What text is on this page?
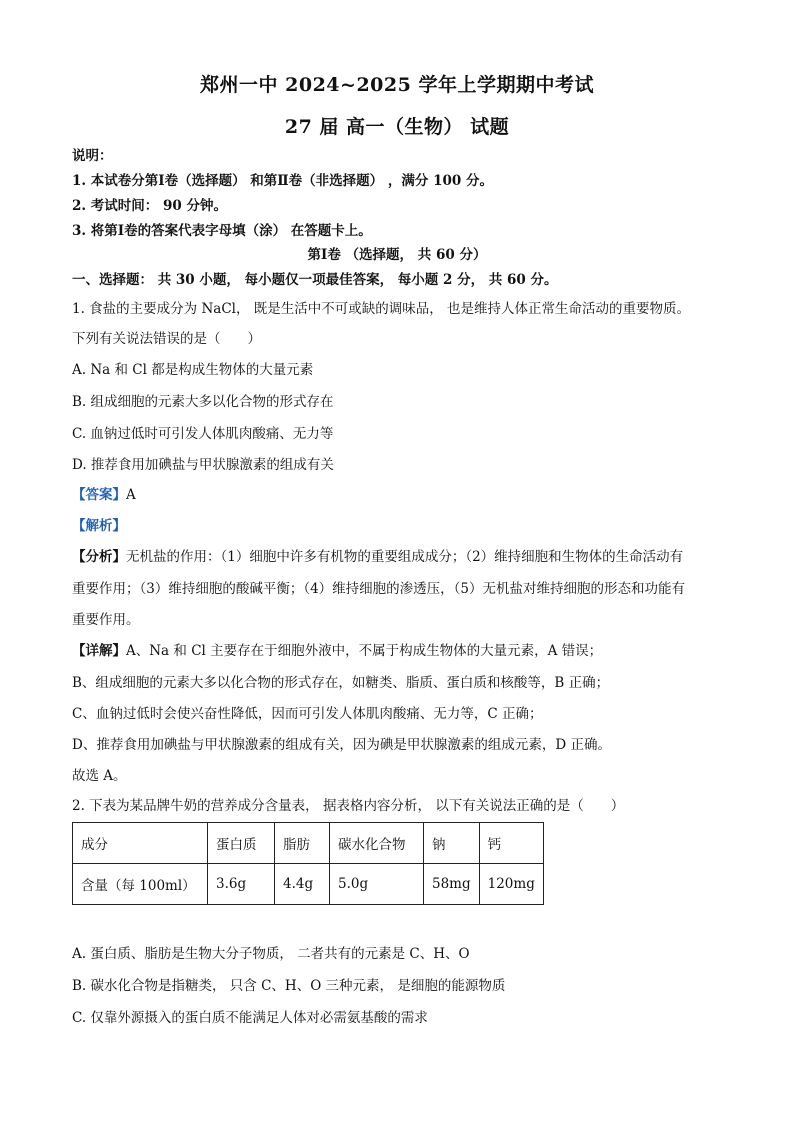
郑州一中 2024~2025 学年上学期期中考试
27 届 高一（生物） 试题
说明：
1. 本试卷分第Ⅰ卷（选择题） 和第Ⅱ卷（非选择题） ，满分 100 分。
2. 考试时间： 90 分钟。
3. 将第Ⅰ卷的答案代表字母填（涂） 在答题卡上。
第Ⅰ卷 （选择题， 共 60 分）
一、选择题： 共 30 小题， 每小题仅一项最佳答案， 每小题 2 分， 共 60 分。
1. 食盐的主要成分为 NaCl， 既是生活中不可或缺的调味品， 也是维持人体正常生命活动的重要物质。
下列有关说法错误的是（　　）
A. Na 和 Cl 都是构成生物体的大量元素
B. 组成细胞的元素大多以化合物的形式存在
C. 血钠过低时可引发人体肌肉酸痛、无力等
D. 推荐食用加碘盐与甲状腺激素的组成有关
【答案】A
【解析】
【分析】无机盐的作用：（1）细胞中许多有机物的重要组成成分；（2）维持细胞和生物体的生命活动有
重要作用；（3）维持细胞的酸碱平衡；（4）维持细胞的渗透压，（5）无机盐对维持细胞的形态和功能有
重要作用。
【详解】A、Na 和 Cl 主要存在于细胞外液中，不属于构成生物体的大量元素，A 错误；
B、组成细胞的元素大多以化合物的形式存在，如糖类、脂质、蛋白质和核酸等，B 正确；
C、血钠过低时会使兴奋性降低，因而可引发人体肌肉酸痛、无力等，C 正确；
D、推荐食用加碘盐与甲状腺激素的组成有关，因为碘是甲状腺激素的组成元素，D 正确。
故选 A。
2. 下表为某品牌牛奶的营养成分含量表， 据表格内容分析， 以下有关说法正确的是（　　）
成分	蛋白质	脂肪	碳水化合物	钠	钙
含量（每 100ml）	3.6g	4.4g	5.0g	58mg	120mg
A. 蛋白质、脂肪是生物大分子物质， 二者共有的元素是 C、H、O
B. 碳水化合物是指糖类， 只含 C、H、O 三种元素， 是细胞的能源物质
C. 仅靠外源摄入的蛋白质不能满足人体对必需氨基酸的需求
